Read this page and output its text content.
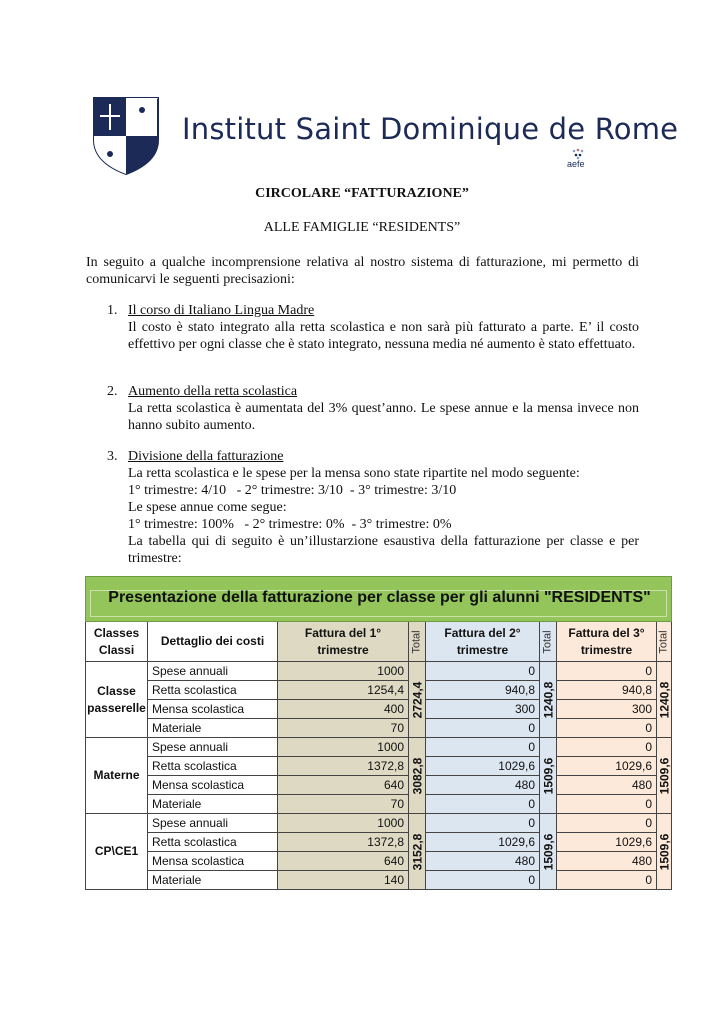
Institut Saint Dominique de Rome
aefe
CIRCOLARE “FATTURAZIONE”
ALLE FAMIGLIE “RESIDENTS”
In seguito a qualche incomprensione relativa al nostro sistema di fatturazione, mi permetto di comunicarvi le seguenti precisazioni:
1. Il corso di Italiano Lingua Madre
Il costo è stato integrato alla retta scolastica e non sarà più fatturato a parte. E’ il costo effettivo per ogni classe che è stato integrato, nessuna media né aumento è stato effettuato.
2. Aumento della retta scolastica
La retta scolastica è aumentata del 3% quest’anno. Le spese annue e la mensa invece non hanno subito aumento.
3. Divisione della fatturazione
La retta scolastica e le spese per la mensa sono state ripartite nel modo seguente:
1° trimestre: 4/10   - 2° trimestre: 3/10  - 3° trimestre: 3/10
Le spese annue come segue:
1° trimestre: 100%   - 2° trimestre: 0%  - 3° trimestre: 0%
La tabella qui di seguito è un’illustarzione esaustiva della fatturazione per classe e per trimestre:
Presentazione della fatturazione per classe per gli alunni "RESIDENTS"
Classes Classi
Dettaglio dei costi
Fattura del 1° trimestre	Total	Fattura del 2° trimestre	Total	Fattura del 3° trimestre	Total
Classe passerelle
Spese annuali	1000	0	0
Retta scolastica	1254,4	940,8	940,8
Mensa scolastica	400	300	300
Materiale	70	0	0
2724,4	1240,8	1240,8
Materne
Spese annuali	1000	0	0
Retta scolastica	1372,8	1029,6	1029,6
Mensa scolastica	640	480	480
Materiale	70	0	0
3082,8	1509,6	1509,6
CP\CE1
Spese annuali	1000	0	0
Retta scolastica	1372,8	1029,6	1029,6
Mensa scolastica	640	480	480
Materiale	140	0	0
3152,8	1509,6	1509,6
